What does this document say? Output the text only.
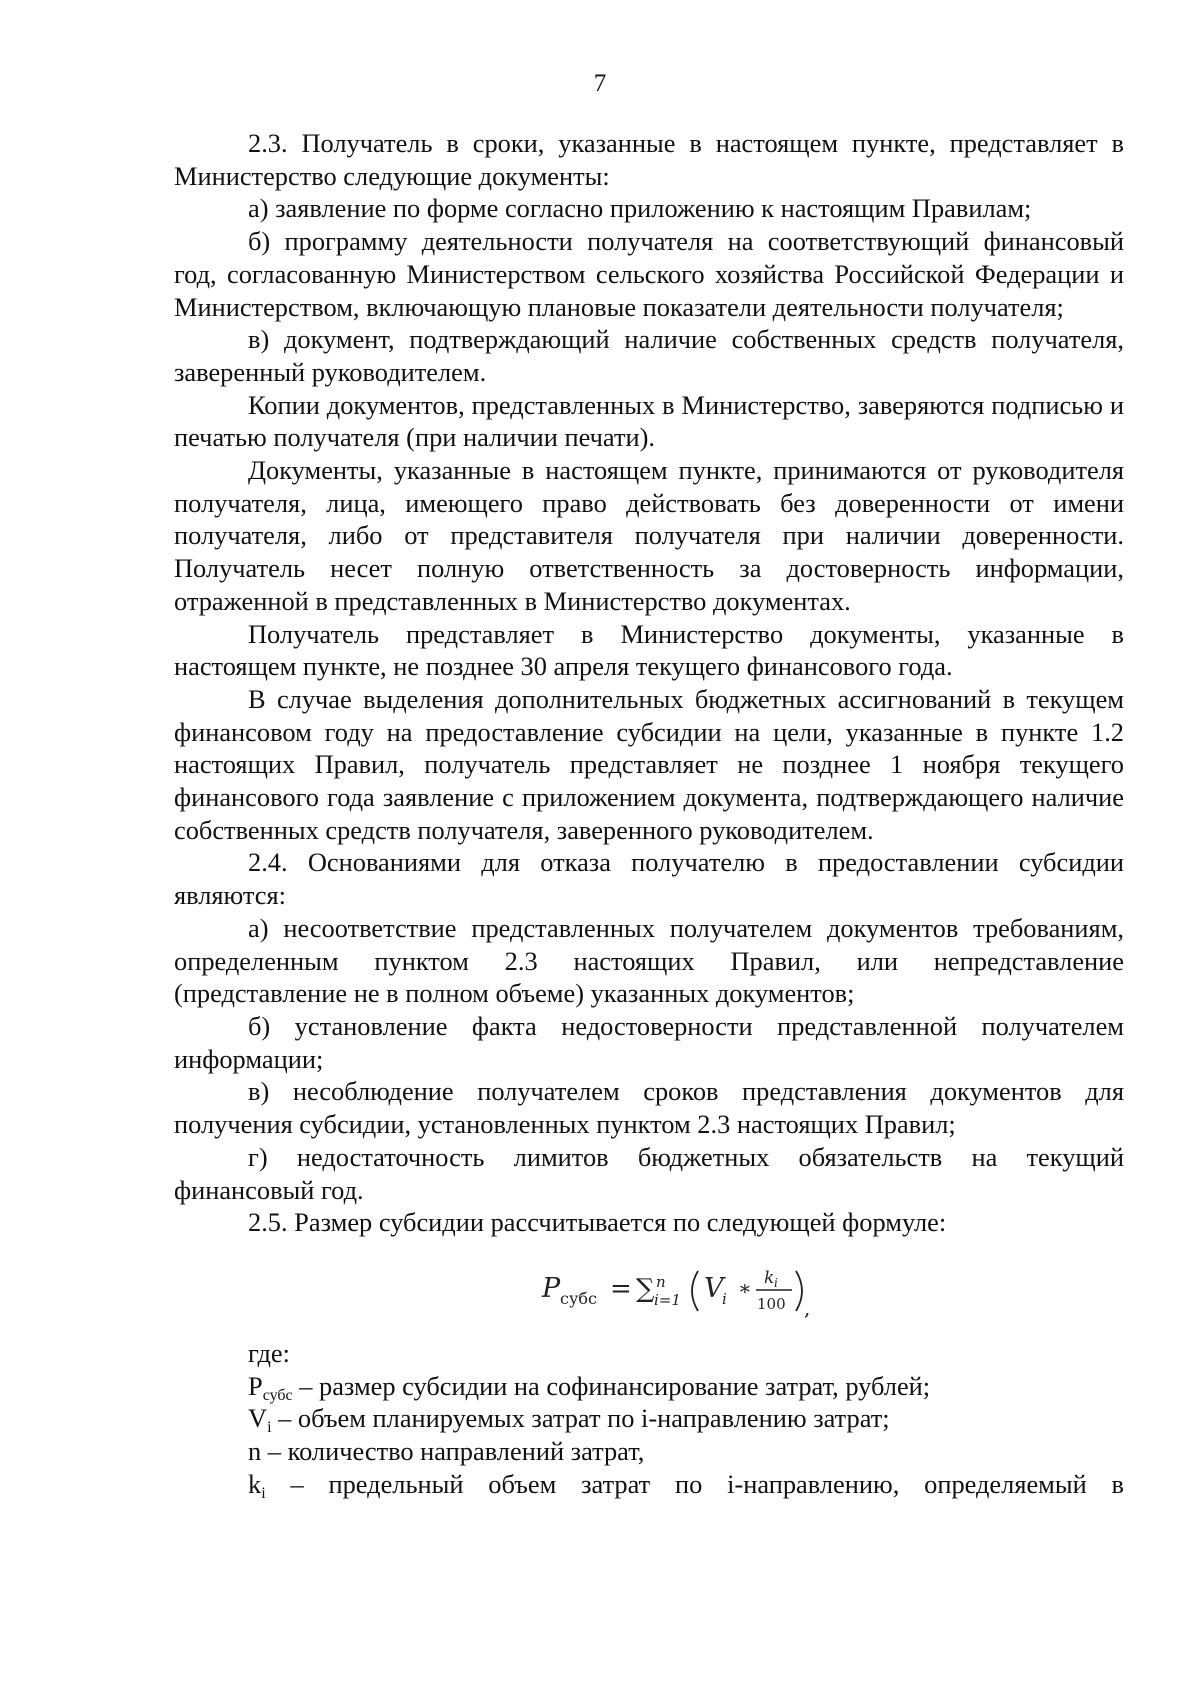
7

2.3. Получатель в сроки, указанные в настоящем пункте, представляет в Министерство следующие документы:

а) заявление по форме согласно приложению к настоящим Правилам;

б) программу деятельности получателя на соответствующий финансовый год, согласованную Министерством сельского хозяйства Российской Федерации и Министерством, включающую плановые показатели деятельности получателя;

в) документ, подтверждающий наличие собственных средств получателя, заверенный руководителем.

Копии документов, представленных в Министерство, заверяются подписью и печатью получателя (при наличии печати).

Документы, указанные в настоящем пункте, принимаются от руководителя получателя, лица, имеющего право действовать без доверенности от имени получателя, либо от представителя получателя при наличии доверенности. Получатель несет полную ответственность за достоверность информации, отраженной в представленных в Министерство документах.

Получатель представляет в Министерство документы, указанные в настоящем пункте, не позднее 30 апреля текущего финансового года.

В случае выделения дополнительных бюджетных ассигнований в текущем финансовом году на предоставление субсидии на цели, указанные в пункте 1.2 настоящих Правил, получатель представляет не позднее 1 ноября текущего финансового года заявление с приложением документа, подтверждающего наличие собственных средств получателя, заверенного руководителем.

2.4. Основаниями для отказа получателю в предоставлении субсидии являются:

а) несоответствие представленных получателем документов требованиям, определенным пунктом 2.3 настоящих Правил, или непредставление (представление не в полном объеме) указанных документов;

б) установление факта недостоверности представленной получателем информации;

в) несоблюдение получателем сроков представления документов для получения субсидии, установленных пунктом 2.3 настоящих Правил;

г) недостаточность лимитов бюджетных обязательств на текущий финансовый год.

2.5. Размер субсидии рассчитывается по следующей формуле:

P субс = ∑ n
i=1 V
i ∗ k i
100 ,

где:

$P_{субс}$ – размер субсидии на софинансирование затрат, рублей;

$V_i$ – объем планируемых затрат по i-направлению затрат;

n – количество направлений затрат,

$k_i$ – предельный объем затрат по i-направлению, определяемый в
